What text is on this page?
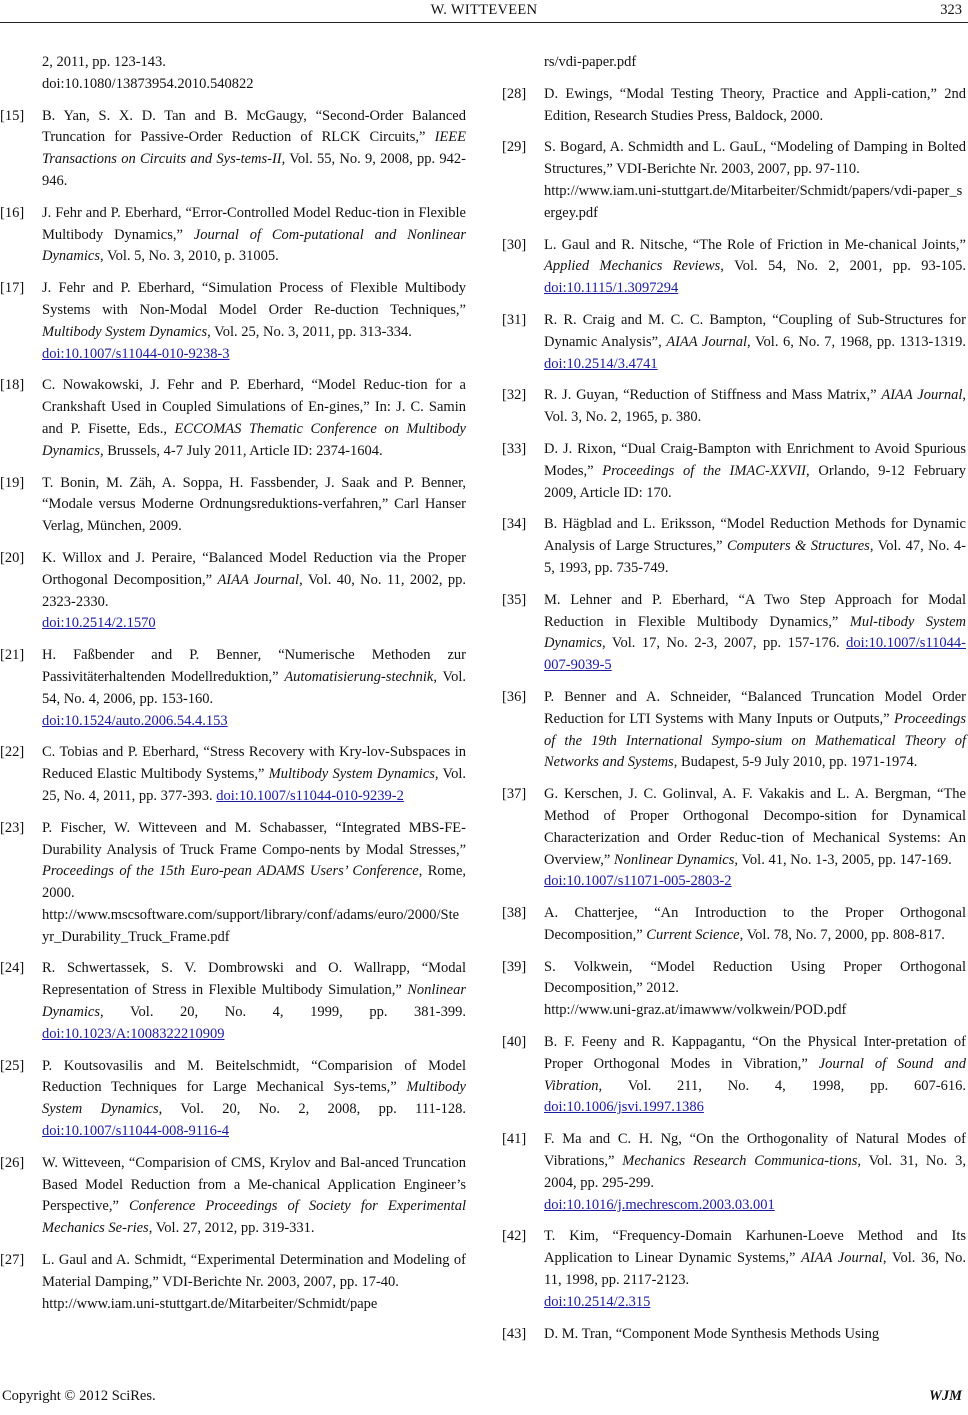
W. WITTEVEEN	323
2, 2011, pp. 123-143.
doi:10.1080/13873954.2010.540822
[15] B. Yan, S. X. D. Tan and B. McGaugy, “Second-Order Balanced Truncation for Passive-Order Reduction of RLCK Circuits,” IEEE Transactions on Circuits and Sys-tems-II, Vol. 55, No. 9, 2008, pp. 942-946.
[16] J. Fehr and P. Eberhard, “Error-Controlled Model Reduc-tion in Flexible Multibody Dynamics,” Journal of Com-putational and Nonlinear Dynamics, Vol. 5, No. 3, 2010, p. 31005.
[17] J. Fehr and P. Eberhard, “Simulation Process of Flexible Multibody Systems with Non-Modal Model Order Re-duction Techniques,” Multibody System Dynamics, Vol. 25, No. 3, 2011, pp. 313-334.
doi:10.1007/s11044-010-9238-3
[18] C. Nowakowski, J. Fehr and P. Eberhard, “Model Reduc-tion for a Crankshaft Used in Coupled Simulations of En-gines,” In: J. C. Samin and P. Fisette, Eds., ECCOMAS Thematic Conference on Multibody Dynamics, Brussels, 4-7 July 2011, Article ID: 2374-1604.
[19] T. Bonin, M. Zäh, A. Soppa, H. Fassbender, J. Saak and P. Benner, “Modale versus Moderne Ordnungsreduktions-verfahren,” Carl Hanser Verlag, München, 2009.
[20] K. Willox and J. Peraire, “Balanced Model Reduction via the Proper Orthogonal Decomposition,” AIAA Journal, Vol. 40, No. 11, 2002, pp. 2323-2330.
doi:10.2514/2.1570
[21] H. Faßbender and P. Benner, “Numerische Methoden zur Passivitäterhaltenden Modellreduktion,” Automatisierung-stechnik, Vol. 54, No. 4, 2006, pp. 153-160.
doi:10.1524/auto.2006.54.4.153
[22] C. Tobias and P. Eberhard, “Stress Recovery with Kry-lov-Subspaces in Reduced Elastic Multibody Systems,” Multibody System Dynamics, Vol. 25, No. 4, 2011, pp. 377-393. doi:10.1007/s11044-010-9239-2
[23] P. Fischer, W. Witteveen and M. Schabasser, “Integrated MBS-FE-Durability Analysis of Truck Frame Compo-nents by Modal Stresses,” Proceedings of the 15th Euro-pean ADAMS Users’ Conference, Rome, 2000.
http://www.mscsoftware.com/support/library/conf/adams/euro/2000/Steyr_Durability_Truck_Frame.pdf
[24] R. Schwertassek, S. V. Dombrowski and O. Wallrapp, “Modal Representation of Stress in Flexible Multibody Simulation,” Nonlinear Dynamics, Vol. 20, No. 4, 1999, pp. 381-399. doi:10.1023/A:1008322210909
[25] P. Koutsovasilis and M. Beitelschmidt, “Comparision of Model Reduction Techniques for Large Mechanical Sys-tems,” Multibody System Dynamics, Vol. 20, No. 2, 2008, pp. 111-128. doi:10.1007/s11044-008-9116-4
[26] W. Witteveen, “Comparision of CMS, Krylov and Bal-anced Truncation Based Model Reduction from a Me-chanical Application Engineer’s Perspective,” Conference Proceedings of Society for Experimental Mechanics Se-ries, Vol. 27, 2012, pp. 319-331.
[27] L. Gaul and A. Schmidt, “Experimental Determination and Modeling of Material Damping,” VDI-Berichte Nr. 2003, 2007, pp. 17-40.
http://www.iam.uni-stuttgart.de/Mitarbeiter/Schmidt/pape
rs/vdi-paper.pdf
[28] D. Ewings, “Modal Testing Theory, Practice and Appli-cation,” 2nd Edition, Research Studies Press, Baldock, 2000.
[29] S. Bogard, A. Schmidth and L. GauL, “Modeling of Damping in Bolted Structures,” VDI-Berichte Nr. 2003, 2007, pp. 97-110.
http://www.iam.uni-stuttgart.de/Mitarbeiter/Schmidt/papers/vdi-paper_sergey.pdf
[30] L. Gaul and R. Nitsche, “The Role of Friction in Me-chanical Joints,” Applied Mechanics Reviews, Vol. 54, No. 2, 2001, pp. 93-105. doi:10.1115/1.3097294
[31] R. R. Craig and M. C. C. Bampton, “Coupling of Sub-Structures for Dynamic Analysis”, AIAA Journal, Vol. 6, No. 7, 1968, pp. 1313-1319. doi:10.2514/3.4741
[32] R. J. Guyan, “Reduction of Stiffness and Mass Matrix,” AIAA Journal, Vol. 3, No. 2, 1965, p. 380.
[33] D. J. Rixon, “Dual Craig-Bampton with Enrichment to Avoid Spurious Modes,” Proceedings of the IMAC-XXVII, Orlando, 9-12 February 2009, Article ID: 170.
[34] B. Hägblad and L. Eriksson, “Model Reduction Methods for Dynamic Analysis of Large Structures,” Computers & Structures, Vol. 47, No. 4-5, 1993, pp. 735-749.
[35] M. Lehner and P. Eberhard, “A Two Step Approach for Modal Reduction in Flexible Multibody Dynamics,” Mul-tibody System Dynamics, Vol. 17, No. 2-3, 2007, pp. 157-176. doi:10.1007/s11044-007-9039-5
[36] P. Benner and A. Schneider, “Balanced Truncation Model Order Reduction for LTI Systems with Many Inputs or Outputs,” Proceedings of the 19th International Sympo-sium on Mathematical Theory of Networks and Systems, Budapest, 5-9 July 2010, pp. 1971-1974.
[37] G. Kerschen, J. C. Golinval, A. F. Vakakis and L. A. Bergman, “The Method of Proper Orthogonal Decompo-sition for Dynamical Characterization and Order Reduc-tion of Mechanical Systems: An Overview,” Nonlinear Dynamics, Vol. 41, No. 1-3, 2005, pp. 147-169.
doi:10.1007/s11071-005-2803-2
[38] A. Chatterjee, “An Introduction to the Proper Orthogonal Decomposition,” Current Science, Vol. 78, No. 7, 2000, pp. 808-817.
[39] S. Volkwein, “Model Reduction Using Proper Orthogonal Decomposition,” 2012.
http://www.uni-graz.at/imawww/volkwein/POD.pdf
[40] B. F. Feeny and R. Kappagantu, “On the Physical Inter-pretation of Proper Orthogonal Modes in Vibration,” Journal of Sound and Vibration, Vol. 211, No. 4, 1998, pp. 607-616. doi:10.1006/jsvi.1997.1386
[41] F. Ma and C. H. Ng, “On the Orthogonality of Natural Modes of Vibrations,” Mechanics Research Communica-tions, Vol. 31, No. 3, 2004, pp. 295-299.
doi:10.1016/j.mechrescom.2003.03.001
[42] T. Kim, “Frequency-Domain Karhunen-Loeve Method and Its Application to Linear Dynamic Systems,” AIAA Journal, Vol. 36, No. 11, 1998, pp. 2117-2123.
doi:10.2514/2.315
[43] D. M. Tran, “Component Mode Synthesis Methods Using
Copyright © 2012 SciRes.	WJM
